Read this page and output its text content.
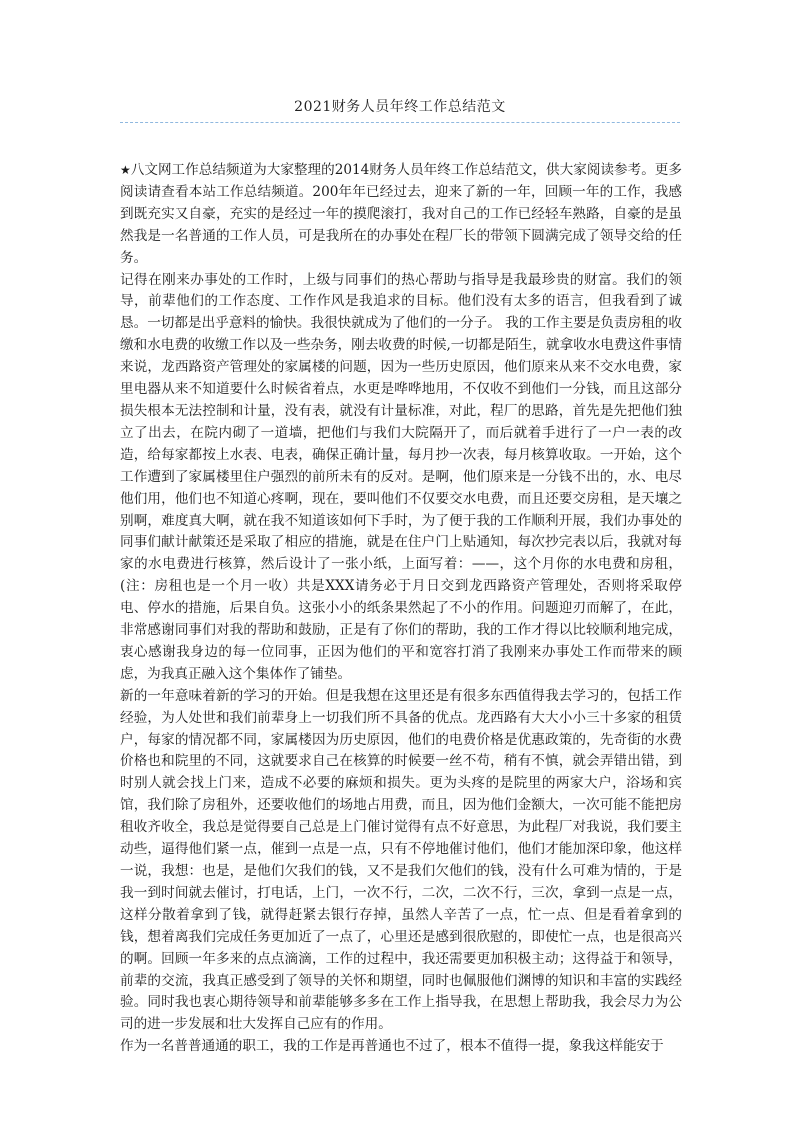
2021财务人员年终工作总结范文

★八文网工作总结频道为大家整理的2014财务人员年终工作总结范文，供大家阅读参考。更多阅读请查看本站工作总结频道。200年年已经过去，迎来了新的一年，回顾一年的工作，我感到既充实又自豪，充实的是经过一年的摸爬滚打，我对自己的工作已经轻车熟路，自豪的是虽然我是一名普通的工作人员，可是我所在的办事处在程厂长的带领下圆满完成了领导交给的任务。

记得在刚来办事处的工作时，上级与同事们的热心帮助与指导是我最珍贵的财富。我们的领导，前辈他们的工作态度、工作作风是我追求的目标。他们没有太多的语言，但我看到了诚恳。一切都是出乎意料的愉快。我很快就成为了他们的一分子。 我的工作主要是负责房租的收缴和水电费的收缴工作以及一些杂务，刚去收费的时候,一切都是陌生，就拿收水电费这件事情来说，龙西路资产管理处的家属楼的问题，因为一些历史原因，他们原来从来不交水电费，家里电器从来不知道要什么时候省着点，水更是哗哗地用，不仅收不到他们一分钱，而且这部分损失根本无法控制和计量，没有表，就没有计量标准，对此，程厂的思路，首先是先把他们独立了出去，在院内砌了一道墙，把他们与我们大院隔开了，而后就着手进行了一户一表的改造，给每家都按上水表、电表，确保正确计量，每月抄一次表，每月核算收取。一开始，这个工作遭到了家属楼里住户强烈的前所未有的反对。是啊，他们原来是一分钱不出的，水、电尽他们用，他们也不知道心疼啊，现在，要叫他们不仅要交水电费，而且还要交房租，是天壤之别啊，难度真大啊，就在我不知道该如何下手时，为了便于我的工作顺利开展，我们办事处的同事们献计献策还是采取了相应的措施，就是在住户门上贴通知，每次抄完表以后，我就对每家的水电费进行核算，然后设计了一张小纸，上面写着：——，这个月你的水电费和房租，(注：房租也是一个月一收）共是XXX请务必于月日交到龙西路资产管理处，否则将采取停电、停水的措施，后果自负。这张小小的纸条果然起了不小的作用。问题迎刃而解了，在此，非常感谢同事们对我的帮助和鼓励，正是有了你们的帮助，我的工作才得以比较顺利地完成，衷心感谢我身边的每一位同事，正因为他们的平和宽容打消了我刚来办事处工作而带来的顾虑，为我真正融入这个集体作了铺垫。

新的一年意味着新的学习的开始。但是我想在这里还是有很多东西值得我去学习的，包括工作经验，为人处世和我们前辈身上一切我们所不具备的优点。龙西路有大大小小三十多家的租赁户，每家的情况都不同，家属楼因为历史原因，他们的电费价格是优惠政策的，先奇街的水费价格也和院里的不同，这就要求自己在核算的时候要一丝不苟，稍有不慎，就会弄错出错，到时别人就会找上门来，造成不必要的麻烦和损失。更为头疼的是院里的两家大户，浴场和宾馆，我们除了房租外，还要收他们的场地占用费，而且，因为他们金额大，一次可能不能把房租收齐收全，我总是觉得要自己总是上门催讨觉得有点不好意思，为此程厂对我说，我们要主动些，逼得他们紧一点，催到一点是一点，只有不停地催讨他们，他们才能加深印象，他这样一说，我想：也是，是他们欠我们的钱，又不是我们欠他们的钱，没有什么可难为情的，于是我一到时间就去催讨，打电话，上门，一次不行，二次，二次不行，三次，拿到一点是一点，这样分散着拿到了钱，就得赶紧去银行存掉，虽然人辛苦了一点，忙一点、但是看着拿到的钱，想着离我们完成任务更加近了一点了，心里还是感到很欣慰的，即使忙一点，也是很高兴的啊。回顾一年多来的点点滴滴，工作的过程中，我还需要更加积极主动；这得益于和领导，前辈的交流，我真正感受到了领导的关怀和期望，同时也佩服他们渊博的知识和丰富的实践经验。同时我也衷心期待领导和前辈能够多多在工作上指导我，在思想上帮助我，我会尽力为公司的进一步发展和壮大发挥自己应有的作用。

作为一名普普通通的职工，我的工作是再普通也不过了，根本不值得一提，象我这样能安于
